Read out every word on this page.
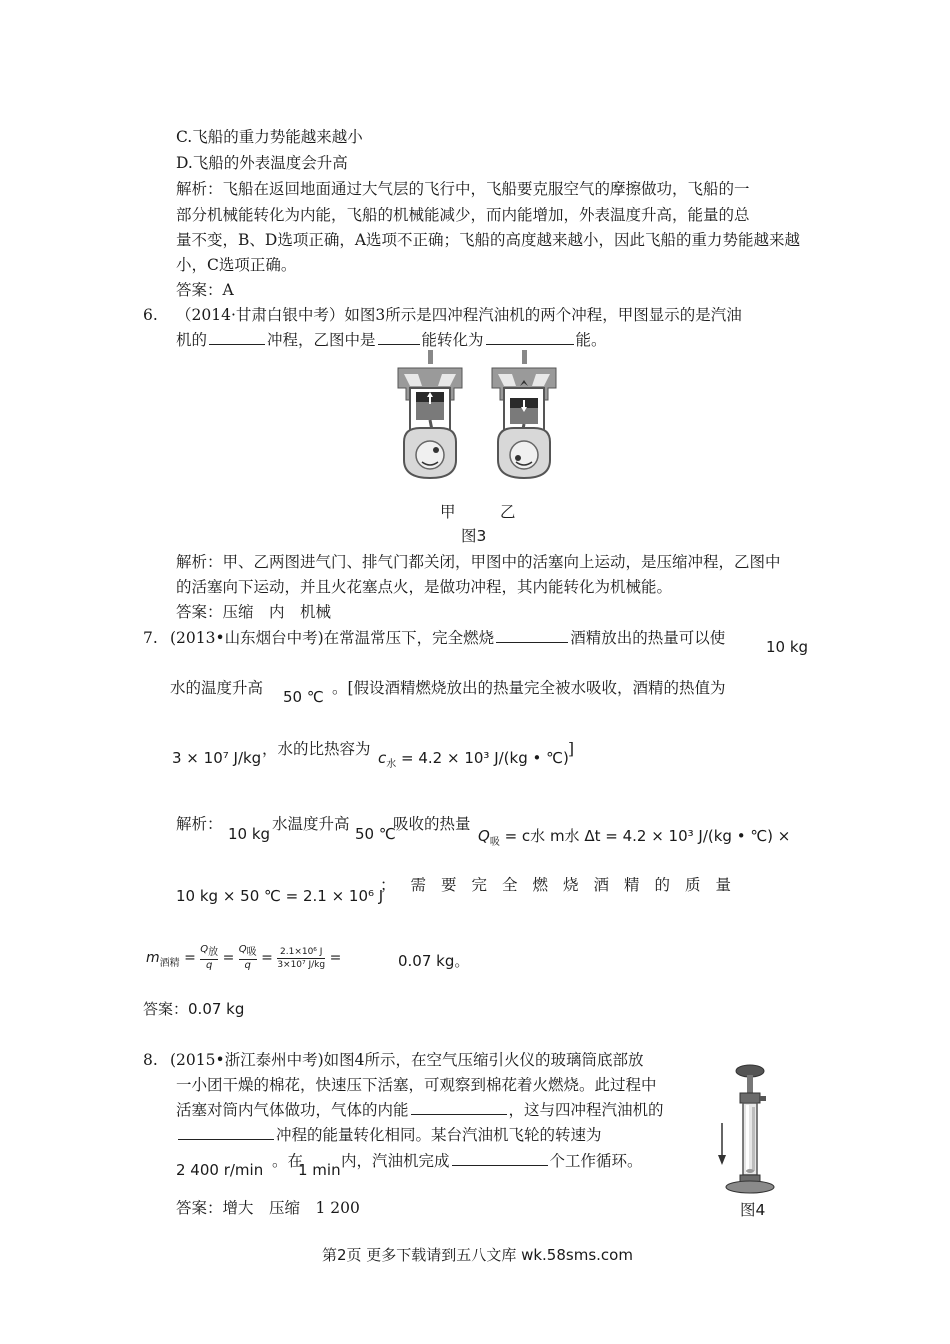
C.飞船的重力势能越来越小
D.飞船的外表温度会升高
解析：飞船在返回地面通过大气层的飞行中，飞船要克服空气的摩擦做功，飞船的一
部分机械能转化为内能，飞船的机械能减少，而内能增加，外表温度升高，能量的总
量不变，B、D选项正确，A选项不正确；飞船的高度越来越小，因此飞船的重力势能越来越
小，C选项正确。
答案：A
6. （2014·甘肃白银中考）如图3所示是四冲程汽油机的两个冲程，甲图显示的是汽油
机的	冲程，乙图中是	能转化为	能。
甲	乙
图3
解析：甲、乙两图进气门、排气门都关闭，甲图中的活塞向上运动，是压缩冲程，乙图中
的活塞向下运动，并且火花塞点火，是做功冲程，其内能转化为机械能。
答案：压缩　内　机械
7. (2013•山东烟台中考)在常温常压下，完全燃烧	酒精放出的热量可以使	10 kg
水的温度升高 50 ℃ 。[假设酒精燃烧放出的热量完全被水吸收，酒精的热值为
3 × 10⁷ J/kg ，水的比热容为 $c_水 = 4.2 \times 10^3$ J/(kg • ℃) ]
解析：
10 kg
水温度升高
50 ℃
吸收的热量
$Q_吸 = c$水 m水 Δt = 4.2 × 10³ J/(kg • ℃) ×
10 kg × 50 ℃ = 2.1 × 10⁶ J
；需要完全燃烧酒精的质量
$m_{酒精}$ =
Q放
q =
Q吸
$q = \frac{\text{2.1×10⁶ J}}{\text{3×10⁷ J/kg}}$ =	0.07 kg。
答案：0.07 kg
8. (2015•浙江泰州中考)如图4所示，在空气压缩引火仪的玻璃筒底部放
一小团干燥的棉花，快速压下活塞，可观察到棉花着火燃烧。此过程中
活塞对筒内气体做功，气体的内能	，这与四冲程汽油机的
冲程的能量转化相同。某台汽油机飞轮的转速为
2 400 r/min 。在
1 min 内，汽油机完成	个工作循环。
答案：增大　压缩　1 200	图4
第2页 更多下载请到五八文库 wk.58sms.com
